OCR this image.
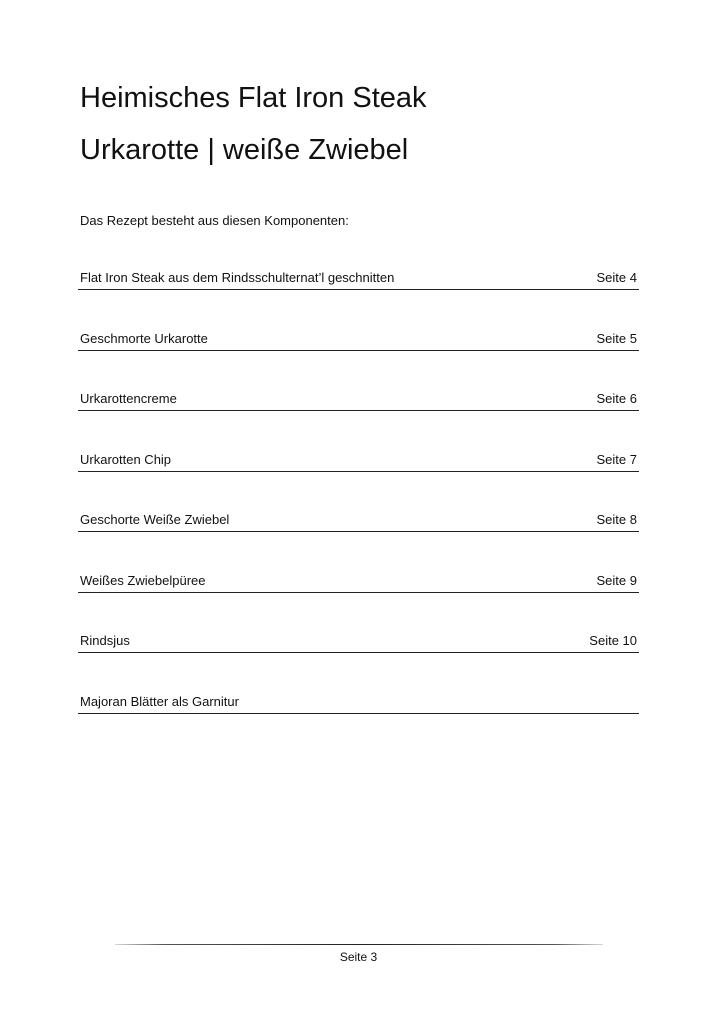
Heimisches Flat Iron Steak
Urkarotte | weiße Zwiebel

Das Rezept besteht aus diesen Komponenten:

Flat Iron Steak aus dem Rindsschulternat’l geschnitten	Seite 4
Geschmorte Urkarotte	Seite 5
Urkarottencreme	Seite 6
Urkarotten Chip	Seite 7
Geschorte Weiße Zwiebel	Seite 8
Weißes Zwiebelpüree	Seite 9
Rindsjus	Seite 10
Majoran Blätter als Garnitur
Seite 3
